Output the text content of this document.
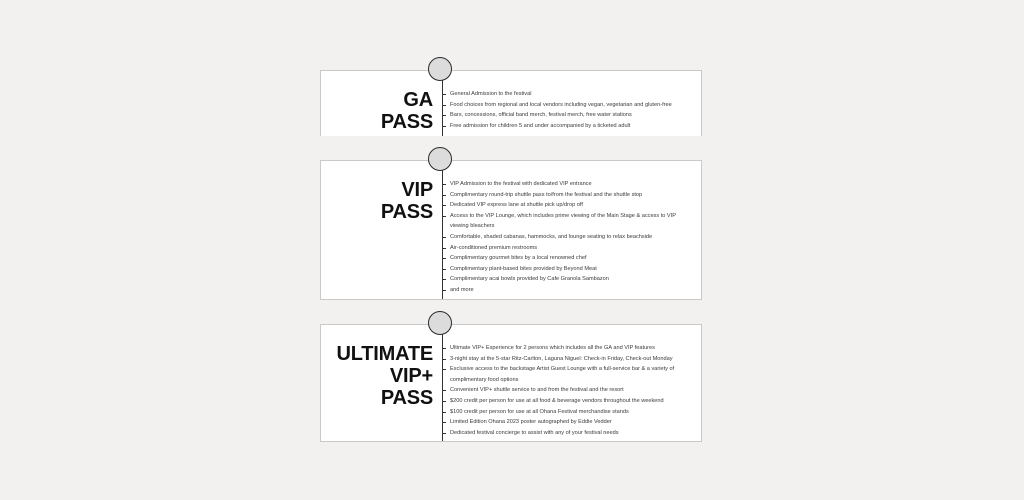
GA
PASS
General Admission to the festival
Food choices from regional and local vendors including vegan, vegetarian and gluten-free
Bars, concessions, official band merch, festival merch, free water stations
Free admission for children 5 and under accompanied by a ticketed adult
VIP
PASS
VIP Admission to the festival with dedicated VIP entrance
Complimentary round-trip shuttle pass to/from the festival and the shuttle stop
Dedicated VIP express lane at shuttle pick up/drop off
Access to the VIP Lounge, which includes prime viewing of the Main Stage & access to VIP viewing bleachers
Comfortable, shaded cabanas, hammocks, and lounge seating to relax beachside
Air-conditioned premium restrooms
Complimentary gourmet bites by a local renowned chef
Complimentary plant-based bites provided by Beyond Meat
Complimentary acai bowls provided by Cafe Granola Sambazon
and more
ULTIMATE
VIP+
PASS
Ultimate VIP+ Experience for 2 persons which includes all the GA and VIP features
3-night stay at the 5-star Ritz-Carlton, Laguna Niguel: Check-in Friday, Check-out Monday
Exclusive access to the backstage Artist Guest Lounge with a full-service bar & a variety of complimentary food options
Convenient VIP+ shuttle service to and from the festival and the resort
$200 credit per person for use at all food & beverage vendors throughout the weekend
$100 credit per person for use at all Ohana Festival merchandise stands
Limited Edition Ohana 2023 poster autographed by Eddie Vedder
Dedicated festival concierge to assist with any of your festival needs
